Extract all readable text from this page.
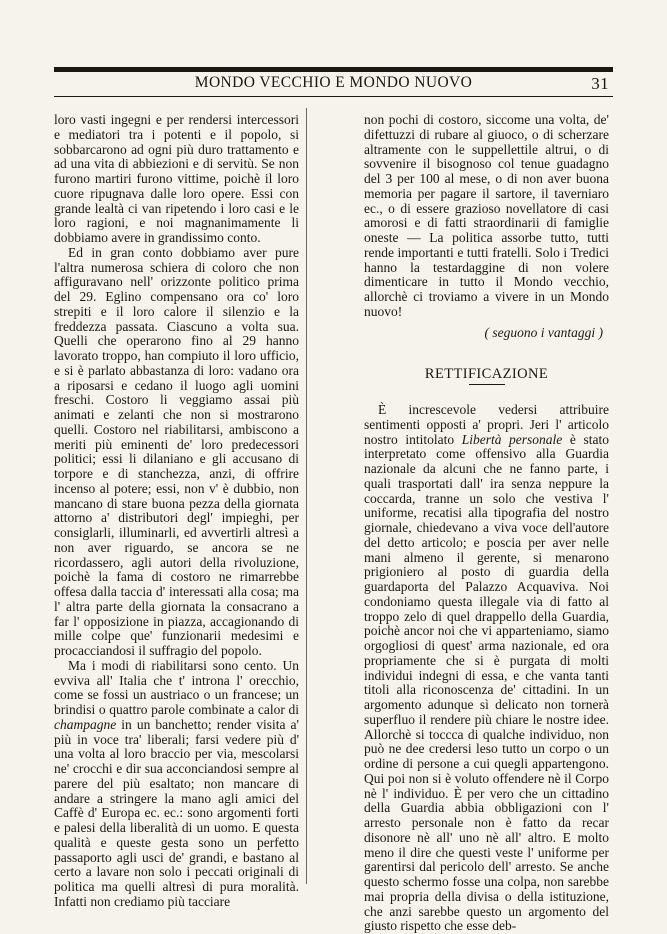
MONDO VECCHIO E MONDO NUOVO	31

loro vasti ingegni e per rendersi intercessori e mediatori tra i potenti e il popolo, si sobbarcarono ad ogni più duro trattamento e ad una vita di abbiezioni e di servitù. Se non furono martiri furono vittime, poichè il loro cuore ripugnava dalle loro opere. Essi con grande lealtà ci van ripetendo i loro casi e le loro ragioni, e noi magnanimamente li dobbiamo avere in grandissimo conto.

Ed in gran conto dobbiamo aver pure l'altra numerosa schiera di coloro che non affiguravano nell' orizzonte politico prima del 29. Eglino compensano ora co' loro strepiti e il loro calore il silenzio e la freddezza passata. Ciascuno a volta sua. Quelli che operarono fino al 29 hanno lavorato troppo, han compiuto il loro ufficio, e si è parlato abbastanza di loro: vadano ora a riposarsi e cedano il luogo agli uomini freschi. Costoro li veggiamo assai più animati e zelanti che non si mostrarono quelli. Costoro nel riabilitarsi, ambiscono a meriti più eminenti de' loro predecessori politici; essi li dilaniano e gli accusano di torpore e di stanchezza, anzi, di offrire incenso al potere; essi, non v' è dubbio, non mancano di stare buona pezza della giornata attorno a' distributori degl' impieghi, per consiglarli, illuminarli, ed avvertirli altresì a non aver riguardo, se ancora se ne ricordassero, agli autori della rivoluzione, poichè la fama di costoro ne rimarrebbe offesa dalla taccia d' interessati alla cosa; ma l' altra parte della giornata la consacrano a far l' opposizione in piazza, accagionando di mille colpe que' funzionarii medesimi e procacciandosi il suffragio del popolo.

Ma i modi di riabilitarsi sono cento. Un evviva all' Italia che t' introna l' orecchio, come se fossi un austriaco o un francese; un brindisi o quattro parole combinate a calor di champagne in un banchetto; render visita a' più in voce tra' liberali; farsi vedere più d' una volta al loro braccio per via, mescolarsi ne' crocchi e dir sua acconciandosi sempre al parere del più esaltato; non mancare di andare a stringere la mano agli amici del Caffè d' Europa ec. ec.: sono argomenti forti e palesi della liberalità di un uomo. E questa qualità e queste gesta sono un perfetto passaporto agli usci de' grandi, e bastano al certo a lavare non solo i peccati originali di politica ma quelli altresì di pura moralità. Infatti non crediamo più tacciare

non pochi di costoro, siccome una volta, de' difettuzzi di rubare al giuoco, o di scherzare altramente con le suppellettile altrui, o di sovvenire il bisognoso col tenue guadagno del 3 per 100 al mese, o di non aver buona memoria per pagare il sartore, il taverniaro ec., o di essere grazioso novellatore di casi amorosi e di fatti straordinarii di famiglie oneste — La politica assorbe tutto, tutti rende importanti e tutti fratelli. Solo i Tredici hanno la testardaggine di non volere dimenticare in tutto il Mondo vecchio, allorchè ci troviamo a vivere in un Mondo nuovo!

( seguono i vantaggi )
RETTIFICAZIONE

È increscevole vedersi attribuire sentimenti opposti a' propri. Jeri l' articolo nostro intitolato Libertà personale è stato interpretato come offensivo alla Guardia nazionale da alcuni che ne fanno parte, i quali trasportati dall' ira senza neppure la coccarda, tranne un solo che vestiva l' uniforme, recatisi alla tipografia del nostro giornale, chiedevano a viva voce dell'autore del detto articolo; e poscia per aver nelle mani almeno il gerente, si menarono prigioniero al posto di guardia della guardaporta del Palazzo Acquaviva. Noi condoniamo questa illegale via di fatto al troppo zelo di quel drappello della Guardia, poichè ancor noi che vi apparteniamo, siamo orgogliosi di quest' arma nazionale, ed ora propriamente che si è purgata di molti individui indegni di essa, e che vanta tanti titoli alla riconoscenza de' cittadini. In un argomento adunque sì delicato non tornerà superfluo il rendere più chiare le nostre idee. Allorchè si toccca di qualche individuo, non può ne dee credersi leso tutto un corpo o un ordine di persone a cui quegli appartengono. Qui poi non si è voluto offendere nè il Corpo nè l' individuo. È per vero che un cittadino della Guardia abbia obbligazioni con l' arresto personale non è fatto da recar disonore nè all' uno nè all' altro. E molto meno il dire che questi veste l' uniforme per garentirsi dal pericolo dell' arresto. Se anche questo schermo fosse una colpa, non sarebbe mai propria della divisa o della istituzione, che anzi sarebbe questo un argomento del giusto rispetto che esse deb-
